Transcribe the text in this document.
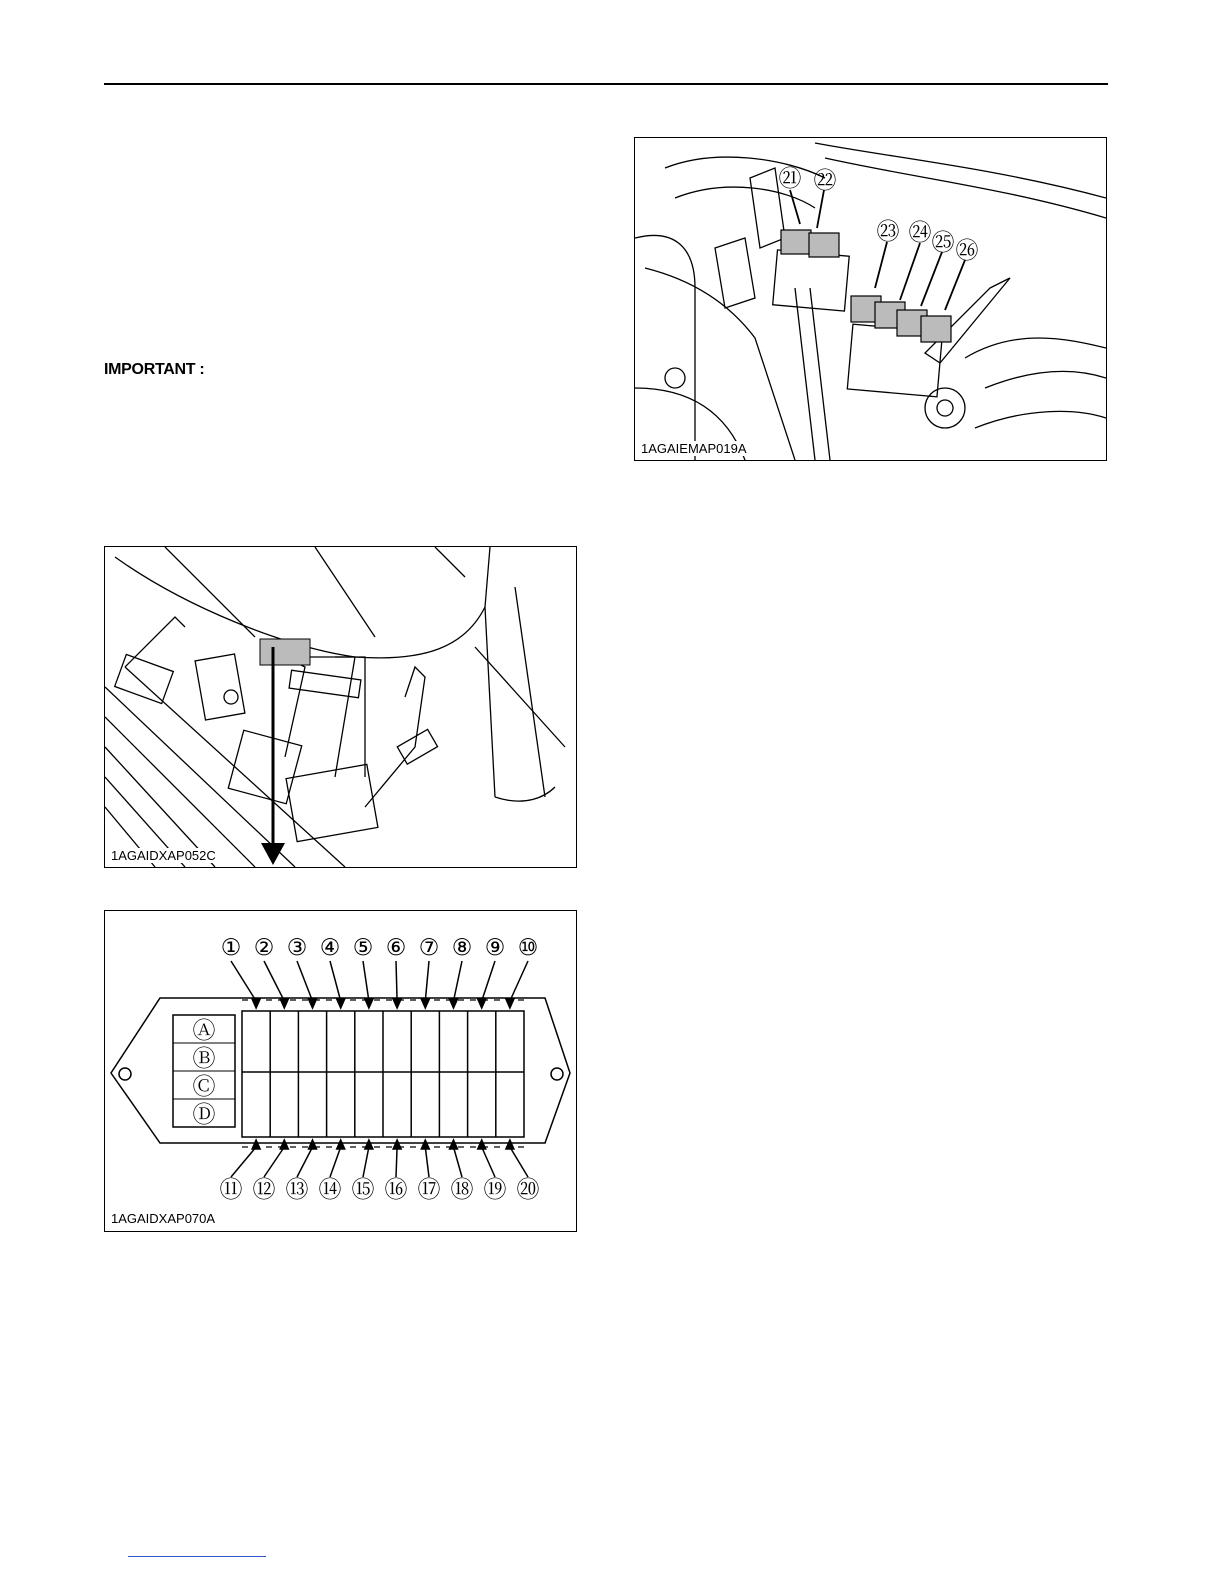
IMPORTANT :
1AGAIDXAP052C
① ② ③ ④ ⑤ ⑥ ⑦ ⑧ ⑨ ⑩
⑪ ⑫ ⑬ ⑭ ⑮ ⑯ ⑰ ⑱ ⑲ ⑳
Ⓐ
Ⓑ
Ⓒ
Ⓓ
1AGAIDXAP070A
㉑ ㉒
㉓ ㉔ ㉕ ㉖
1AGAIEMAP019A
